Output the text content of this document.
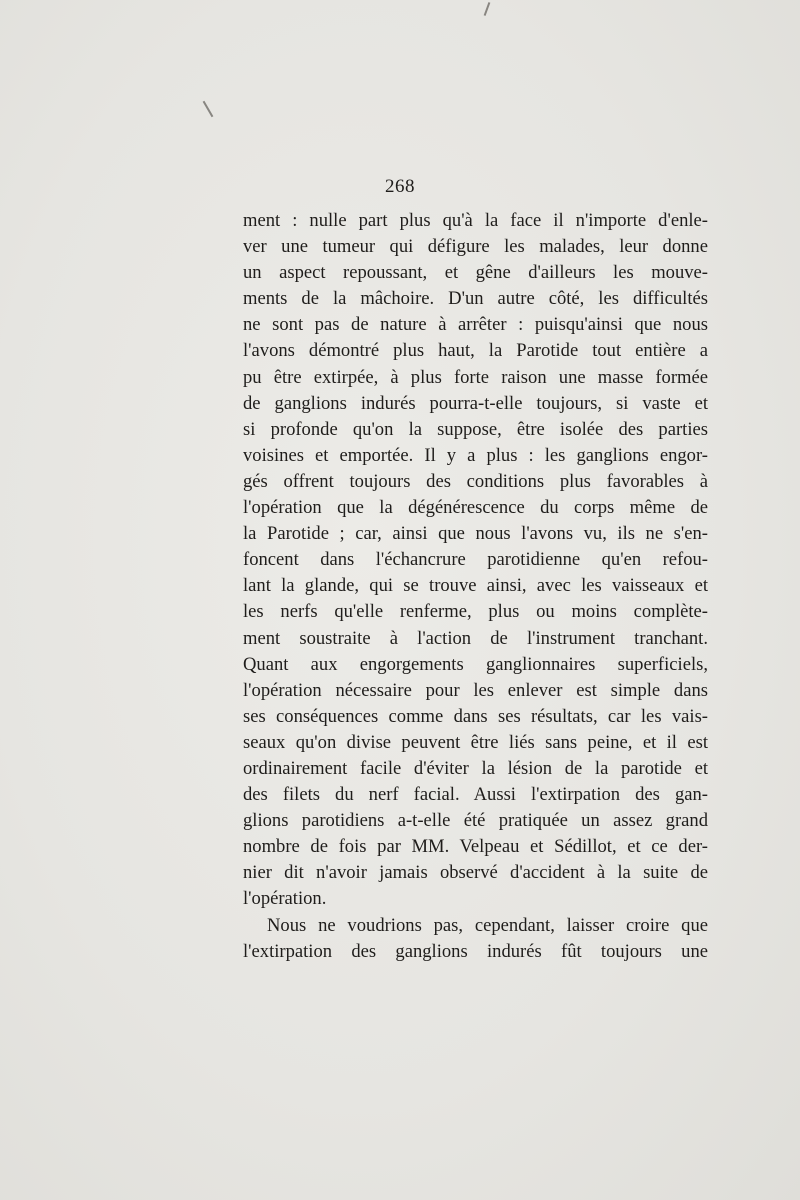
268
ment : nulle part plus qu'à la face il n'importe d'enle-
ver une tumeur qui défigure les malades, leur donne
un aspect repoussant, et gêne d'ailleurs les mouve-
ments de la mâchoire. D'un autre côté, les difficultés
ne sont pas de nature à arrêter : puisqu'ainsi que nous
l'avons démontré plus haut, la Parotide tout entière a
pu être extirpée, à plus forte raison une masse formée
de ganglions indurés pourra-t-elle toujours, si vaste et
si profonde qu'on la suppose, être isolée des parties
voisines et emportée. Il y a plus : les ganglions engor-
gés offrent toujours des conditions plus favorables à
l'opération que la dégénérescence du corps même de
la Parotide ; car, ainsi que nous l'avons vu, ils ne s'en-
foncent dans l'échancrure parotidienne qu'en refou-
lant la glande, qui se trouve ainsi, avec les vaisseaux et
les nerfs qu'elle renferme, plus ou moins complète-
ment soustraite à l'action de l'instrument tranchant.
Quant aux engorgements ganglionnaires superficiels,
l'opération nécessaire pour les enlever est simple dans
ses conséquences comme dans ses résultats, car les vais-
seaux qu'on divise peuvent être liés sans peine, et il est
ordinairement facile d'éviter la lésion de la parotide et
des filets du nerf facial. Aussi l'extirpation des gan-
glions parotidiens a-t-elle été pratiquée un assez grand
nombre de fois par MM. Velpeau et Sédillot, et ce der-
nier dit n'avoir jamais observé d'accident à la suite de
l'opération.
Nous ne voudrions pas, cependant, laisser croire que
l'extirpation des ganglions indurés fût toujours une
